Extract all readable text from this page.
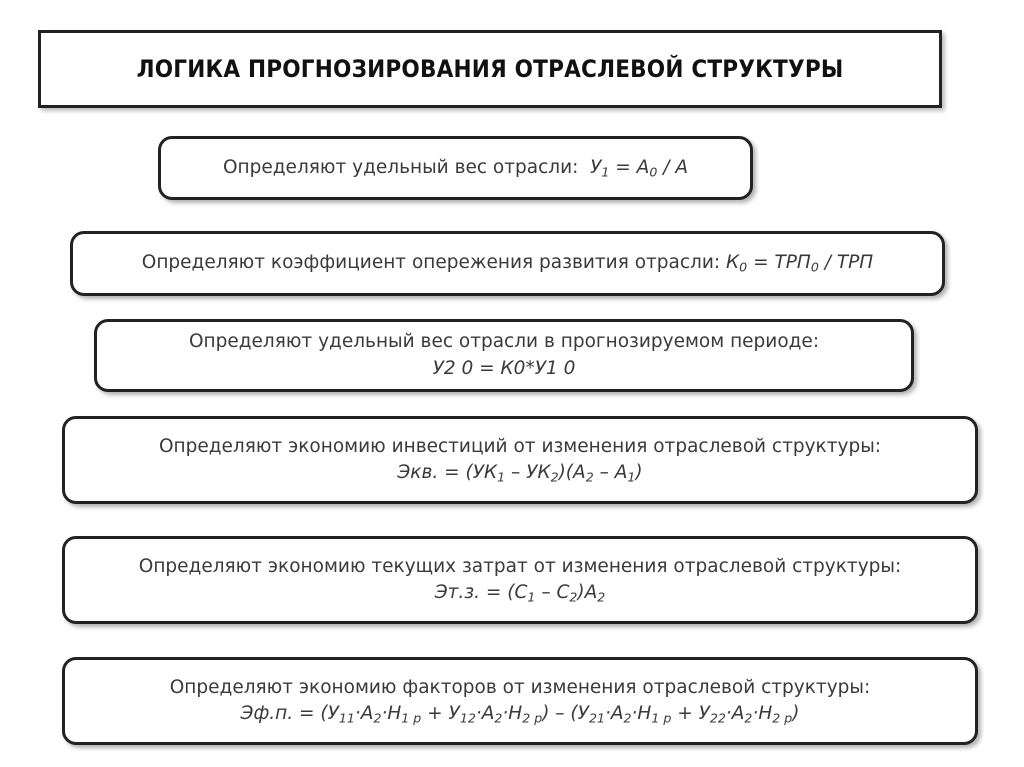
ЛОГИКА ПРОГНОЗИРОВАНИЯ ОТРАСЛЕВОЙ СТРУКТУРЫ
Определяют удельный вес отрасли: $У_1 = А_0 / А$
Определяют коэффициент опережения развития отрасли: $К_0 = ТРП_0$ / ТРП
Определяют удельный вес отрасли в прогнозируемом периоде:
У2 0 = К0*У1 0
Определяют экономию инвестиций от изменения отраслевой структуры:
Экв. = $(УК_1 - УК_2)(А_2 - А_1)$
Определяют экономию текущих затрат от изменения отраслевой структуры:
Эт.з. = $(С_1 - С_2)А_2$
Определяют экономию факторов от изменения отраслевой структуры:
Эф.п. = $(У_{11}\cdot А_2\cdot Н_{1 р} + У_{12}\cdot А_2\cdot Н_{2 р}) - (У_{21}\cdot А_2\cdot Н_{1 р} + У_{22}\cdot А_2\cdot Н_{2 р})$
